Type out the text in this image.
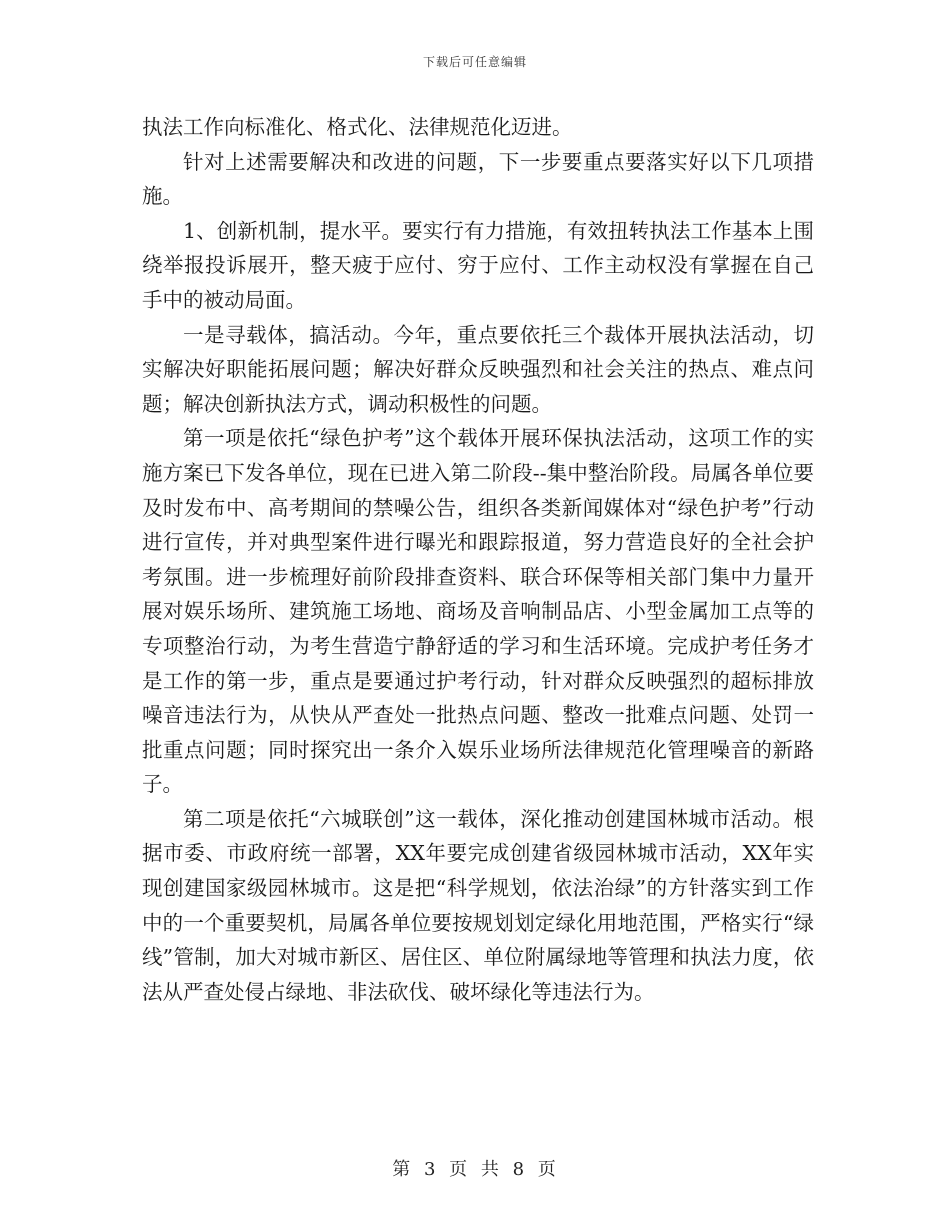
下载后可任意编辑

执法工作向标准化、格式化、法律规范化迈进。

针对上述需要解决和改进的问题，下一步要重点要落实好以下几项措施。

1、创新机制，提水平。要实行有力措施，有效扭转执法工作基本上围绕举报投诉展开，整天疲于应付、穷于应付、工作主动权没有掌握在自己手中的被动局面。

一是寻载体，搞活动。今年，重点要依托三个裁体开展执法活动，切实解决好职能拓展问题；解决好群众反映强烈和社会关注的热点、难点问题；解决创新执法方式，调动积极性的问题。

第一项是依托“绿色护考”这个载体开展环保执法活动，这项工作的实施方案已下发各单位，现在已进入第二阶段--集中整治阶段。局属各单位要及时发布中、高考期间的禁噪公告，组织各类新闻媒体对“绿色护考”行动进行宣传，并对典型案件进行曝光和跟踪报道，努力营造良好的全社会护考氛围。进一步梳理好前阶段排查资料、联合环保等相关部门集中力量开展对娱乐场所、建筑施工场地、商场及音响制品店、小型金属加工点等的专项整治行动，为考生营造宁静舒适的学习和生活环境。完成护考任务才是工作的第一步，重点是要通过护考行动，针对群众反映强烈的超标排放噪音违法行为，从快从严查处一批热点问题、整改一批难点问题、处罚一批重点问题；同时探究出一条介入娱乐业场所法律规范化管理噪音的新路子。

第二项是依托“六城联创”这一载体，深化推动创建国林城市活动。根据市委、市政府统一部署，XX年要完成创建省级园林城市活动，XX年实现创建国家级园林城市。这是把“科学规划，依法治绿”的方针落实到工作中的一个重要契机，局属各单位要按规划划定绿化用地范围，严格实行“绿线”管制，加大对城市新区、居住区、单位附属绿地等管理和执法力度，依法从严查处侵占绿地、非法砍伐、破坏绿化等违法行为。

第 3 页 共 8 页
